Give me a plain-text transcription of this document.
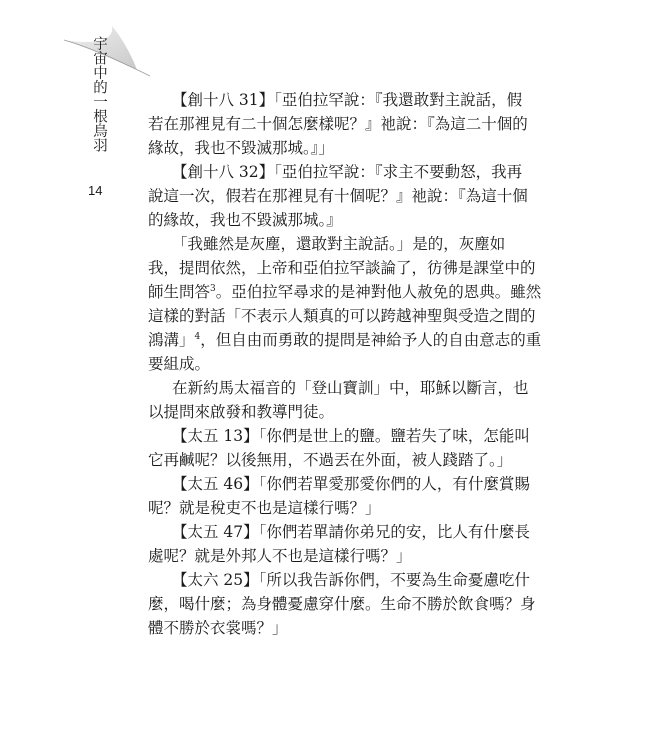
宇宙中的一根鳥羽
14
【創十八 31】「亞伯拉罕說：『我還敢對主說話，假
若在那裡見有二十個怎麼樣呢？』祂說：『為這二十個的
緣故，我也不毀滅那城。』」
【創十八 32】「亞伯拉罕說：『求主不要動怒，我再
說這一次，假若在那裡見有十個呢？』祂說：『為這十個
的緣故，我也不毀滅那城。』
「我雖然是灰塵，還敢對主說話。」是的，灰塵如
我，提問依然，上帝和亞伯拉罕談論了，彷彿是課堂中的
師生問答$^3$。亞伯拉罕尋求的是神對他人赦免的恩典。雖然
這樣的對話「不表示人類真的可以跨越神聖與受造之間的
鴻溝」$^4$，但自由而勇敢的提問是神給予人的自由意志的重
要組成。
在新約馬太福音的「登山寶訓」中，耶穌以斷言，也
以提問來啟發和教導門徒。
【太五 13】「你們是世上的鹽。鹽若失了味，怎能叫
它再鹹呢？以後無用，不過丟在外面，被人踐踏了。」
【太五 46】「你們若單愛那愛你們的人，有什麼賞賜
呢？就是稅吏不也是這樣行嗎？」
【太五 47】「你們若單請你弟兄的安，比人有什麼長
處呢？就是外邦人不也是這樣行嗎？」
【太六 25】「所以我告訴你們，不要為生命憂慮吃什
麼，喝什麼；為身體憂慮穿什麼。生命不勝於飲食嗎？身
體不勝於衣裳嗎？」
